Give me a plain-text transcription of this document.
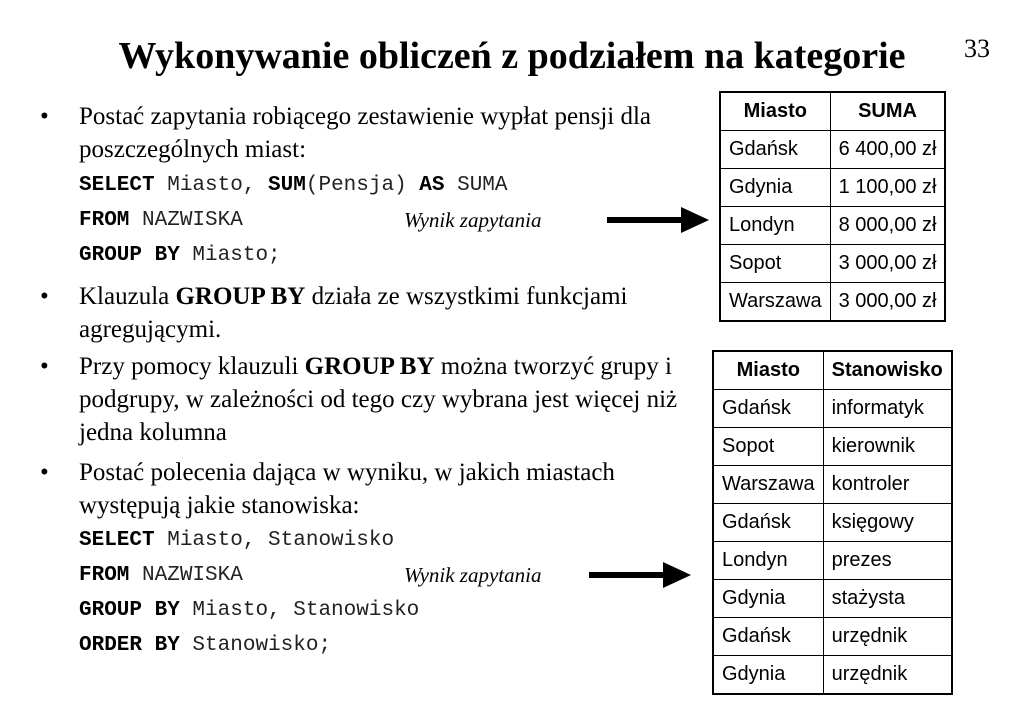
Wykonywanie obliczeń z podziałem na kategorie	33
• Postać zapytania robiącego zestawienie wypłat pensji dla poszczególnych miast:
SELECT Miasto, SUM(Pensja) AS SUMA
FROM NAZWISKA
GROUP BY Miasto;
Wynik zapytania
• Klauzula GROUP BY działa ze wszystkimi funkcjami agregującymi.
• Przy pomocy klauzuli GROUP BY można tworzyć grupy i podgrupy, w zależności od tego czy wybrana jest więcej niż jedna kolumna
• Postać polecenia dająca w wyniku, w jakich miastach występują jakie stanowiska:
SELECT Miasto, Stanowisko
FROM NAZWISKA
GROUP BY Miasto, Stanowisko
ORDER BY Stanowisko;
Wynik zapytania
Miasto	SUMA
Gdańsk	6 400,00 zł
Gdynia	1 100,00 zł
Londyn	8 000,00 zł
Sopot	3 000,00 zł
Warszawa	3 000,00 zł
Miasto	Stanowisko
Gdańsk	informatyk
Sopot	kierownik
Warszawa	kontroler
Gdańsk	księgowy
Londyn	prezes
Gdynia	stażysta
Gdańsk	urzędnik
Gdynia	urzędnik
